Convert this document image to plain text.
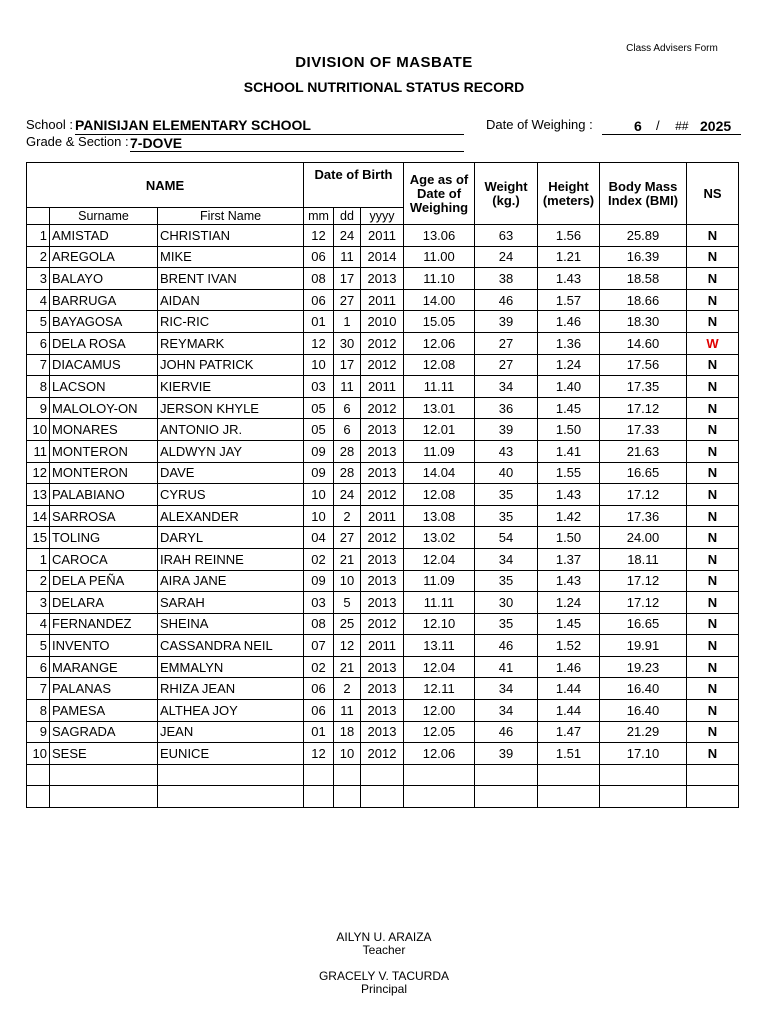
Class Advisers Form
DIVISION OF MASBATE
SCHOOL NUTRITIONAL STATUS RECORD
School : PANISIJAN ELEMENTARY SCHOOL
Grade & Section : 7-DOVE
Date of Weighing :	6 / ## 2025
NAME			Date of Birth			Age as of Date of Weighing	Weight (kg.)	Height (meters)	Body Mass Index (BMI)	NS
	Surname	First Name	mm	dd	yyyy					
1	AMISTAD	CHRISTIAN	12	24	2011	13.06	63	1.56	25.89	N
2	AREGOLA	MIKE	06	11	2014	11.00	24	1.21	16.39	N
3	BALAYO	BRENT IVAN	08	17	2013	11.10	38	1.43	18.58	N
4	BARRUGA	AIDAN	06	27	2011	14.00	46	1.57	18.66	N
5	BAYAGOSA	RIC-RIC	01	1	2010	15.05	39	1.46	18.30	N
6	DELA ROSA	REYMARK	12	30	2012	12.06	27	1.36	14.60	W
7	DIACAMUS	JOHN PATRICK	10	17	2012	12.08	27	1.24	17.56	N
8	LACSON	KIERVIE	03	11	2011	11.11	34	1.40	17.35	N
9	MALOLOY-ON	JERSON KHYLE	05	6	2012	13.01	36	1.45	17.12	N
10	MONARES	ANTONIO JR.	05	6	2013	12.01	39	1.50	17.33	N
11	MONTERON	ALDWYN JAY	09	28	2013	11.09	43	1.41	21.63	N
12	MONTERON	DAVE	09	28	2013	14.04	40	1.55	16.65	N
13	PALABIANO	CYRUS	10	24	2012	12.08	35	1.43	17.12	N
14	SARROSA	ALEXANDER	10	2	2011	13.08	35	1.42	17.36	N
15	TOLING	DARYL	04	27	2012	13.02	54	1.50	24.00	N
1	CAROCA	IRAH REINNE	02	21	2013	12.04	34	1.37	18.11	N
2	DELA PEÑA	AIRA JANE	09	10	2013	11.09	35	1.43	17.12	N
3	DELARA	SARAH	03	5	2013	11.11	30	1.24	17.12	N
4	FERNANDEZ	SHEINA	08	25	2012	12.10	35	1.45	16.65	N
5	INVENTO	CASSANDRA NEIL	07	12	2011	13.11	46	1.52	19.91	N
6	MARANGE	EMMALYN	02	21	2013	12.04	41	1.46	19.23	N
7	PALANAS	RHIZA JEAN	06	2	2013	12.11	34	1.44	16.40	N
8	PAMESA	ALTHEA JOY	06	11	2013	12.00	34	1.44	16.40	N
9	SAGRADA	JEAN	01	18	2013	12.05	46	1.47	21.29	N
10	SESE	EUNICE	12	10	2012	12.06	39	1.51	17.10	N

AILYN U. ARAIZA
Teacher
GRACELY V. TACURDA
Principal
